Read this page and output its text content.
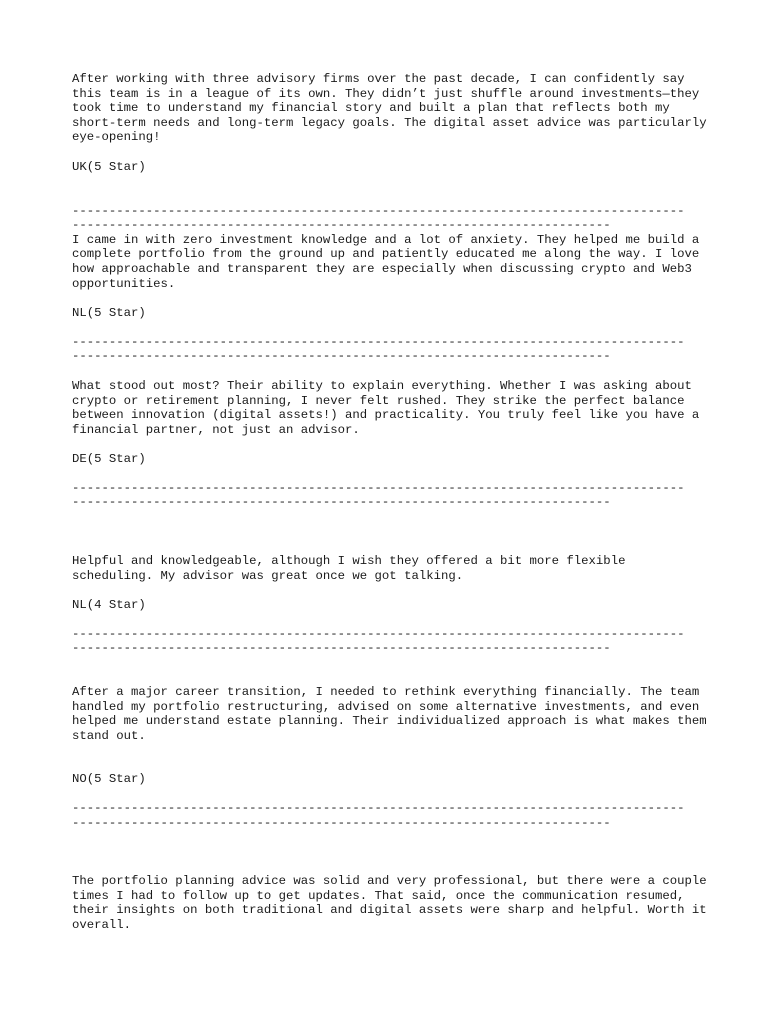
After working with three advisory firms over the past decade, I can confidently say this team is in a league of its own. They didn’t just shuffle around investments—they took time to understand my financial story and built a plan that reflects both my short-term needs and long-term legacy goals. The digital asset advice was particularly eye-opening!

UK(5 Star)

-----------------------------------------------------------------------------------
-------------------------------------------------------------------------

I came in with zero investment knowledge and a lot of anxiety. They helped me build a complete portfolio from the ground up and patiently educated me along the way. I love how approachable and transparent they are especially when discussing crypto and Web3 opportunities.

NL(5 Star)

-----------------------------------------------------------------------------------
-------------------------------------------------------------------------

What stood out most? Their ability to explain everything. Whether I was asking about crypto or retirement planning, I never felt rushed. They strike the perfect balance between innovation (digital assets!) and practicality. You truly feel like you have a financial partner, not just an advisor.

DE(5 Star)

-----------------------------------------------------------------------------------
-------------------------------------------------------------------------

Helpful and knowledgeable, although I wish they offered a bit more flexible scheduling. My advisor was great once we got talking.

NL(4 Star)

-----------------------------------------------------------------------------------
-------------------------------------------------------------------------

After a major career transition, I needed to rethink everything financially. The team handled my portfolio restructuring, advised on some alternative investments, and even helped me understand estate planning. Their individualized approach is what makes them stand out.

NO(5 Star)

-----------------------------------------------------------------------------------
-------------------------------------------------------------------------

The portfolio planning advice was solid and very professional, but there were a couple times I had to follow up to get updates. That said, once the communication resumed, their insights on both traditional and digital assets were sharp and helpful. Worth it overall.
